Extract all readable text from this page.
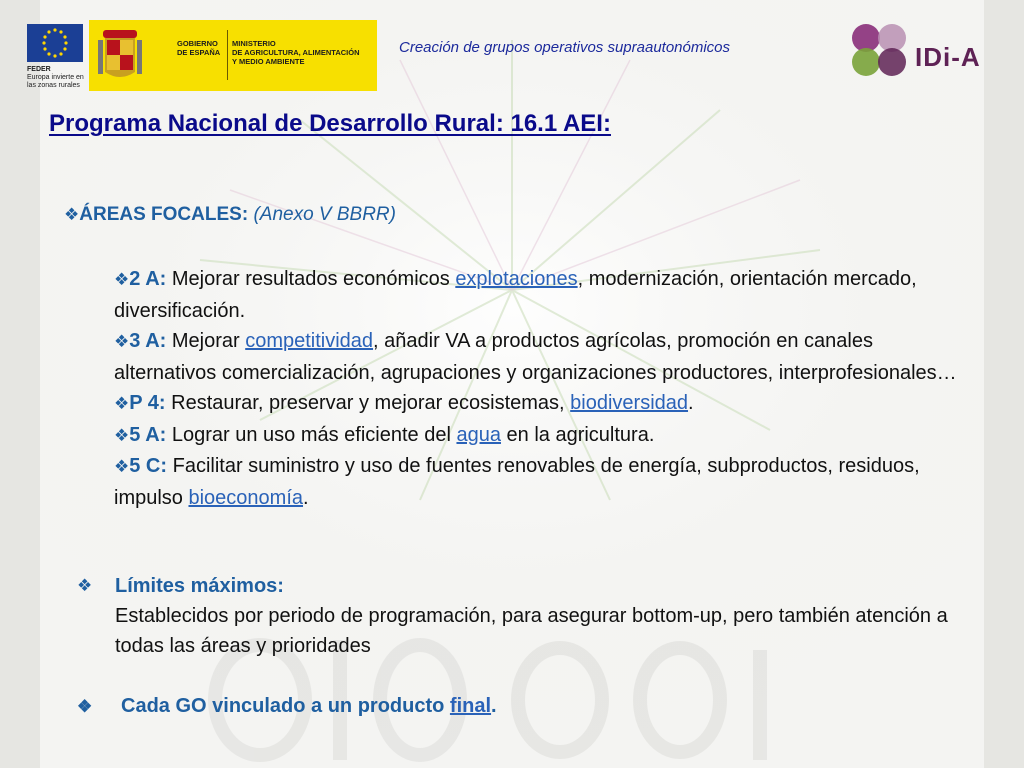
FEDER
Europa invierte en
las zonas rurales
GOBIERNO
DE ESPAÑA
MINISTERIO
DE AGRICULTURA, ALIMENTACIÓN
Y MEDIO AMBIENTE
Creación de grupos operativos supraautonómicos	IDi-A
Programa Nacional de Desarrollo Rural: 16.1 AEI:
❖ÁREAS FOCALES: (Anexo V BBRR)
❖2 A: Mejorar resultados económicos explotaciones, modernización, orientación mercado, diversificación.
❖3 A: Mejorar competitividad, añadir VA a productos agrícolas, promoción en canales alternativos comercialización, agrupaciones y organizaciones productores, interprofesionales…
❖P 4: Restaurar, preservar y mejorar ecosistemas, biodiversidad.
❖5 A: Lograr un uso más eficiente del agua en la agricultura.
❖5 C: Facilitar suministro y uso de fuentes renovables de energía, subproductos, residuos, impulso bioeconomía.
❖	Límites máximos:
Establecidos por periodo de programación, para asegurar bottom-up, pero también atención a todas las áreas y prioridades
❖ Cada GO vinculado a un producto final.
